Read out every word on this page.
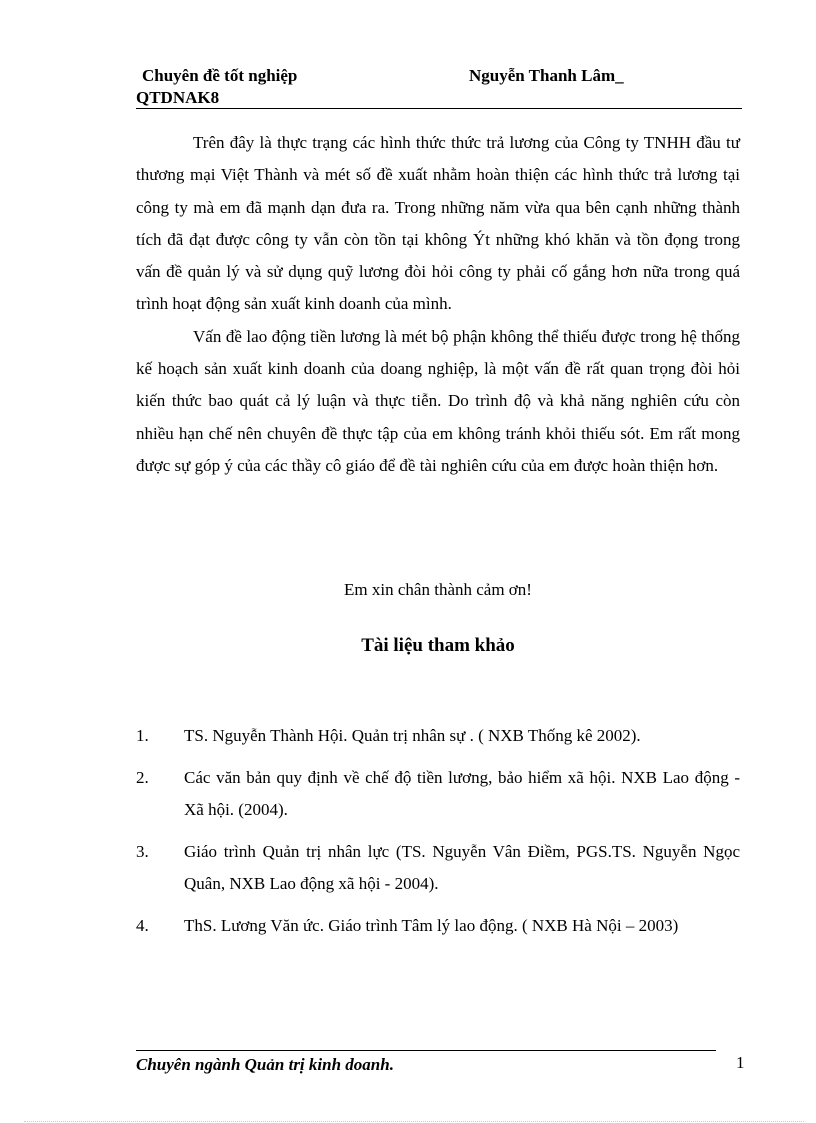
Chuyên đề tốt nghiệp	Nguyễn Thanh Lâm_
QTDNAK8

Trên đây là thực trạng các hình thức thức trả lương của Công ty TNHH đầu tư thương mại Việt Thành và mét số đề xuất nhằm hoàn thiện các hình thức trả lương tại công ty mà em đã mạnh dạn đưa ra. Trong những năm vừa qua bên cạnh những thành tích đã đạt được công ty vẫn còn tồn tại không Ýt những khó khăn và tồn đọng trong vấn đề quản lý và sử dụng quỹ lương đòi hỏi công ty phải cố gắng hơn nữa trong quá trình hoạt động sản xuất kinh doanh của mình.

Vấn đề lao động tiền lương là mét bộ phận không thể thiếu được trong hệ thống kế hoạch sản xuất kinh doanh của doang nghiệp, là một vấn đề rất quan trọng đòi hỏi kiến thức bao quát cả lý luận và thực tiễn. Do trình độ và khả năng nghiên cứu còn nhiều hạn chế nên chuyên đề thực tập của em không tránh khỏi thiếu sót. Em rất mong được sự góp ý của các thầy cô giáo để đề tài nghiên cứu của em được hoàn thiện hơn.

Em xin chân thành cảm ơn!
Tài liệu tham khảo
1. TS. Nguyễn Thành Hội. Quản trị nhân sự . ( NXB Thống kê 2002).
2. Các văn bản quy định về chế độ tiền lương, bảo hiểm xã hội. NXB Lao động - Xã hội. (2004).
3. Giáo trình Quản trị nhân lực (TS. Nguyễn Vân Điềm, PGS.TS. Nguyễn Ngọc Quân, NXB Lao động xã hội - 2004).
4. ThS. Lương Văn ức. Giáo trình Tâm lý lao động. ( NXB Hà Nội – 2003)
Chuyên ngành Quản trị kinh doanh.	1
